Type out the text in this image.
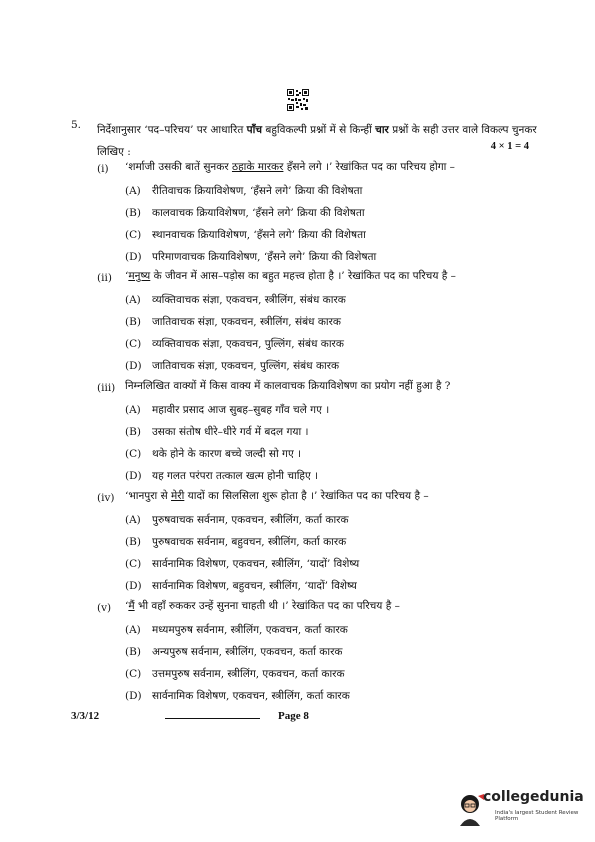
5. निर्देशानुसार ‘पद–परिचय’ पर आधारित पाँच बहुविकल्पी प्रश्नों में से किन्हीं चार प्रश्नों के सही उत्तर वाले विकल्प चुनकर लिखिए :	4 × 1 = 4
(i)	‘शर्माजी उसकी बातें सुनकर ठहाके मारकर हँसने लगे ।’ रेखांकित पद का परिचय होगा –
(A) रीतिवाचक क्रियाविशेषण, ‘हँसने लगे’ क्रिया की विशेषता
(B) कालवाचक क्रियाविशेषण, ‘हँसने लगे’ क्रिया की विशेषता
(C) स्थानवाचक क्रियाविशेषण, ‘हँसने लगे’ क्रिया की विशेषता
(D) परिमाणवाचक क्रियाविशेषण, ‘हँसने लगे’ क्रिया की विशेषता
(ii)	‘मनुष्य के जीवन में आस–पड़ोस का बहुत महत्त्व होता है ।’ रेखांकित पद का परिचय है –
(A) व्यक्तिवाचक संज्ञा, एकवचन, स्त्रीलिंग, संबंध कारक
(B) जातिवाचक संज्ञा, एकवचन, स्त्रीलिंग, संबंध कारक
(C) व्यक्तिवाचक संज्ञा, एकवचन, पुल्लिंग, संबंध कारक
(D) जातिवाचक संज्ञा, एकवचन, पुल्लिंग, संबंध कारक
(iii) निम्नलिखित वाक्यों में किस वाक्य में कालवाचक क्रियाविशेषण का प्रयोग नहीं हुआ है ?
(A) महावीर प्रसाद आज सुबह–सुबह गाँव चले गए ।
(B) उसका संतोष धीरे–धीरे गर्व में बदल गया ।
(C) थके होने के कारण बच्चे जल्दी सो गए ।
(D) यह गलत परंपरा तत्काल खत्म होनी चाहिए ।
(iv)	‘भानपुरा से मेरी यादों का सिलसिला शुरू होता है ।’ रेखांकित पद का परिचय है –
(A) पुरुषवाचक सर्वनाम, एकवचन, स्त्रीलिंग, कर्ता कारक
(B) पुरुषवाचक सर्वनाम, बहुवचन, स्त्रीलिंग, कर्ता कारक
(C) सार्वनामिक विशेषण, एकवचन, स्त्रीलिंग, ‘यादों’ विशेष्य
(D) सार्वनामिक विशेषण, बहुवचन, स्त्रीलिंग, ‘यादों’ विशेष्य
(v)	‘मैं भी वहाँ रुककर उन्हें सुनना चाहती थी ।’ रेखांकित पद का परिचय है –
(A) मध्यमपुरुष सर्वनाम, स्त्रीलिंग, एकवचन, कर्ता कारक
(B) अन्यपुरुष सर्वनाम, स्त्रीलिंग, एकवचन, कर्ता कारक
(C) उत्तमपुरुष सर्वनाम, स्त्रीलिंग, एकवचन, कर्ता कारक
(D) सार्वनामिक विशेषण, एकवचन, स्त्रीलिंग, कर्ता कारक
3/3/12	Page 8
collegedunia
India's largest Student Review Platform
